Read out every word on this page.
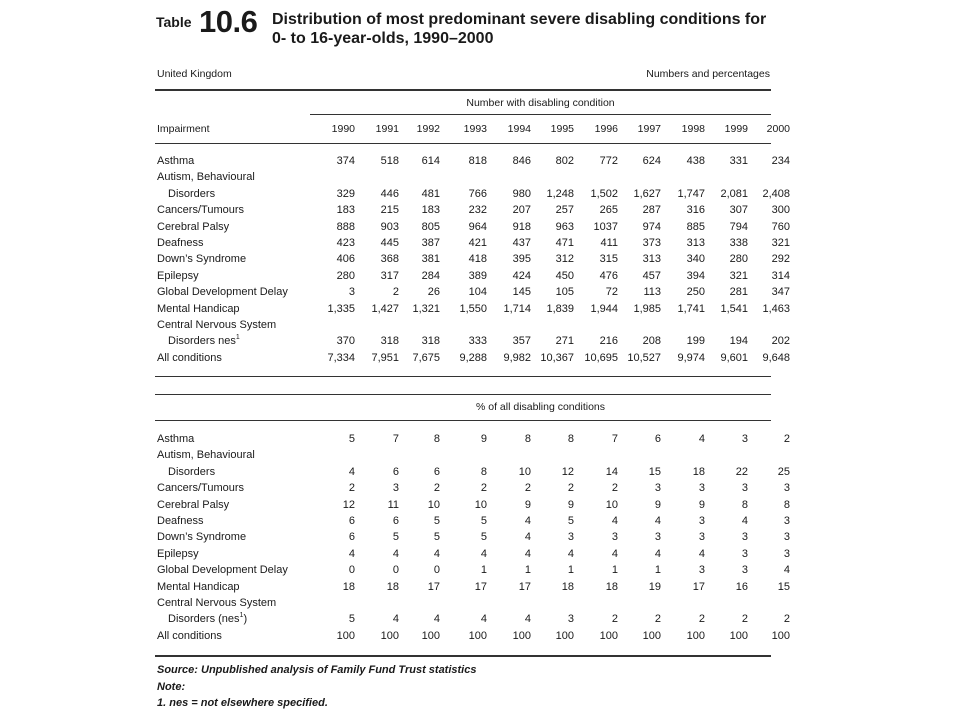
Table 10.6 Distribution of most predominant severe disabling conditions for
0- to 16-year-olds, 1990–2000
United Kingdom	Numbers and percentages
Number with disabling condition
Impairment	1990	1991	1992	1993	1994	1995	1996	1997	1998	1999	2000
Asthma	374	518	614	818	846	802	772	624	438	331	234
Autism, Behavioural
Disorders	329	446	481	766	980	1,248	1,502	1,627	1,747	2,081	2,408
Cancers/Tumours	183	215	183	232	207	257	265	287	316	307	300
Cerebral Palsy	888	903	805	964	918	963	1037	974	885	794	760
Deafness	423	445	387	421	437	471	411	373	313	338	321
Down’s Syndrome	406	368	381	418	395	312	315	313	340	280	292
Epilepsy	280	317	284	389	424	450	476	457	394	321	314
Global Development Delay	3	2	26	104	145	105	72	113	250	281	347
Mental Handicap	1,335	1,427	1,321	1,550	1,714	1,839	1,944	1,985	1,741	1,541	1,463
Central Nervous System
Disorders nes$^1$	370	318	318	333	357	271	216	208	199	194	202
All conditions	7,334	7,951	7,675	9,288	9,982 10,367 10,695 10,527	9,974	9,601	9,648
% of all disabling conditions
Asthma	5	7	8	9	8	8	7	6	4	3	2
Autism, Behavioural
Disorders	4	6	6	8	10	12	14	15	18	22	25
Cancers/Tumours	2	3	2	2	2	2	2	3	3	3	3
Cerebral Palsy	12	11	10	10	9	9	10	9	9	8	8
Deafness	6	6	5	5	4	5	4	4	3	4	3
Down’s Syndrome	6	5	5	5	4	3	3	3	3	3	3
Epilepsy	4	4	4	4	4	4	4	4	4	3	3
Global Development Delay	0	0	0	1	1	1	1	1	3	3	4
Mental Handicap	18	18	17	17	17	18	18	19	17	16	15
Central Nervous System
Disorders (nes$^1$)	5	4	4	4	4	3	2	2	2	2	2
All conditions	100	100	100	100	100	100	100	100	100	100	100
Source: Unpublished analysis of Family Fund Trust statistics
Note:
1. nes = not elsewhere specified.
